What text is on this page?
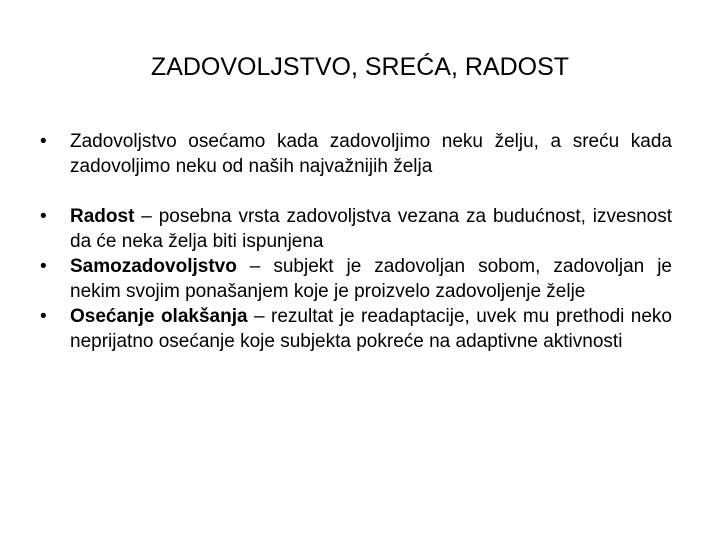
ZADOVOLJSTVO, SREĆA, RADOST
•	Zadovoljstvo osećamo kada zadovoljimo neku želju, a sreću kada zadovoljimo neku od naših najvažnijih želja
•	Radost – posebna vrsta zadovoljstva vezana za budućnost, izvesnost da će neka želja biti ispunjena
•	Samozadovoljstvo – subjekt je zadovoljan sobom, zadovoljan je nekim svojim ponašanjem koje je proizvelo zadovoljenje želje
•	Osećanje olakšanja – rezultat je readaptacije, uvek mu prethodi neko neprijatno osećanje koje subjekta pokreće na adaptivne aktivnosti
